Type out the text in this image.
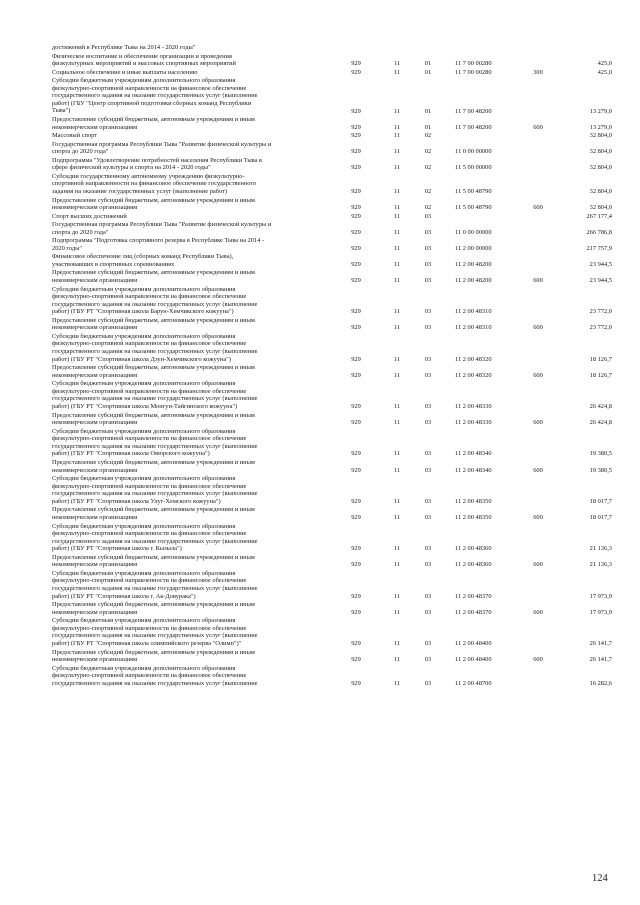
достижений в Республике Тыва на 2014 - 2020 годы"
Физическое воспитание и обеспечение организации и проведения
физкультурных мероприятий и массовых спортивных мероприятий	929	11	01	11 7 00 00280	425,0
Социальное обеспечение и иные выплаты населению	929	11	01	11 7 00 00280	300	425,0
Субсидии бюджетным учреждениям дополнительного образования
физкультурно-спортивной направленности на финансовое обеспечение
государственного задания на оказание государственных услуг (выполнение
работ) (ГБУ "Центр спортивной подготовки сборных команд Республики
Тыва")	929	11	01	11 7 00 48200	13 279,0
Предоставление субсидий бюджетным, автономным учреждениям и иным
некоммерческим организациям	929	11	01	11 7 00 48200	600	13 279,0
Массовый спорт	929	11	02	32 804,0
Государственная программа Республики Тыва "Развитие физической культуры и
спорта до 2020 года"	929	11	02	11 0 00 00000	32 804,0
Подпрограмма "Удовлетворение потребностей населения Республики Тыва в
сфере физической культуры и спорта на 2014 - 2020 годы"	929	11	02	11 5 00 00000	32 804,0
Субсидии государственному автономному учреждению физкультурно-
спортивной направленности на финансовое обеспечение государственного
задания на оказание государственных услуг (выполнение работ)	929	11	02	11 5 00 48790	32 804,0
Предоставление субсидий бюджетным, автономным учреждениям и иным
некоммерческим организациям	929	11	02	11 5 00 48790	600	32 804,0
Спорт высших достижений	929	11	03	267 177,4
Государственная программа Республики Тыва "Развитие физической культуры и
спорта до 2020 года"	929	11	03	11 0 00 00000	266 786,8
Подпрограмма "Подготовка спортивного резерва в Республике Тыва на 2014 -
2020 годы"	929	11	03	11 2 00 00000	217 757,9
Финансовое обеспечение лиц (сборных команд Республики Тыва),
участвовавших в спортивных соревнованиях	929	11	03	11 2 00 48200	23 944,5
Предоставление субсидий бюджетным, автономным учреждениям и иным
некоммерческим организациям	929	11	03	11 2 00 48200	600	23 944,5
Субсидии бюджетным учреждениям дополнительного образования
физкультурно-спортивной направленности на финансовое обеспечение
государственного задания на оказание государственных услуг (выполнение
работ) (ГБУ РТ "Спортивная школа Барун-Хемчикского кожууна")	929	11	03	11 2 00 48310	23 772,0
Предоставление субсидий бюджетным, автономным учреждениям и иным
некоммерческим организациям	929	11	03	11 2 00 48310	600	23 772,0
Субсидии бюджетным учреждениям дополнительного образования
физкультурно-спортивной направленности на финансовое обеспечение
государственного задания на оказание государственных услуг (выполнение
работ) (ГБУ РТ "Спортивная школа Дзун-Хемчикского кожууна")	929	11	03	11 2 00 48320	18 126,7
Предоставление субсидий бюджетным, автономным учреждениям и иным
некоммерческим организациям	929	11	03	11 2 00 48320	600	18 126,7
Субсидии бюджетным учреждениям дополнительного образования
физкультурно-спортивной направленности на финансовое обеспечение
государственного задания на оказание государственных услуг (выполнение
работ) (ГБУ РТ "Спортивная школа Монгун-Тайгинского кожууна")	929	11	03	11 2 00 48330	26 424,8
Предоставление субсидий бюджетным, автономным учреждениям и иным
некоммерческим организациям	929	11	03	11 2 00 48330	600	26 424,8
Субсидии бюджетным учреждениям дополнительного образования
физкультурно-спортивной направленности на финансовое обеспечение
государственного задания на оказание государственных услуг (выполнение
работ) (ГБУ РТ "Спортивная школа Овюрского кожууна")	929	11	03	11 2 00 48340	19 380,5
Предоставление субсидий бюджетным, автономным учреждениям и иным
некоммерческим организациям	929	11	03	11 2 00 48340	600	19 380,5
Субсидии бюджетным учреждениям дополнительного образования
физкультурно-спортивной направленности на финансовое обеспечение
государственного задания на оказание государственных услуг (выполнение
работ) (ГБУ РТ "Спортивная школа Улуг-Хемского кожууна")	929	11	03	11 2 00 48350	18 017,7
Предоставление субсидий бюджетным, автономным учреждениям и иным
некоммерческим организациям	929	11	03	11 2 00 48350	600	18 017,7
Субсидии бюджетным учреждениям дополнительного образования
физкультурно-спортивной направленности на финансовое обеспечение
государственного задания на оказание государственных услуг (выполнение
работ) (ГБУ РТ "Спортивная школа г. Кызыла")	929	11	03	11 2 00 48360	21 136,3
Предоставление субсидий бюджетным, автономным учреждениям и иным
некоммерческим организациям	929	11	03	11 2 00 48360	600	21 136,3
Субсидии бюджетным учреждениям дополнительного образования
физкультурно-спортивной направленности на финансовое обеспечение
государственного задания на оказание государственных услуг (выполнение
работ) (ГБУ РТ "Спортивная школа г. Ак-Довурака")	929	11	03	11 2 00 48370	17 973,9
Предоставление субсидий бюджетным, автономным учреждениям и иным
некоммерческим организациям	929	11	03	11 2 00 48370	600	17 973,9
Субсидии бюджетным учреждениям дополнительного образования
физкультурно-спортивной направленности на финансовое обеспечение
государственного задания на оказание государственных услуг (выполнение
работ) (ГБУ РТ "Спортивная школа олимпийского резерва "Олимп")"	929	11	03	11 2 00 48400	26 141,7
Предоставление субсидий бюджетным, автономным учреждениям и иным
некоммерческим организациям	929	11	03	11 2 00 48400	600	26 141,7
Субсидии бюджетным учреждениям дополнительного образования
физкультурно-спортивной направленности на финансовое обеспечение
государственного задания на оказание государственных услуг (выполнение	929	11	03	11 2 00 48700	16 282,6
124
